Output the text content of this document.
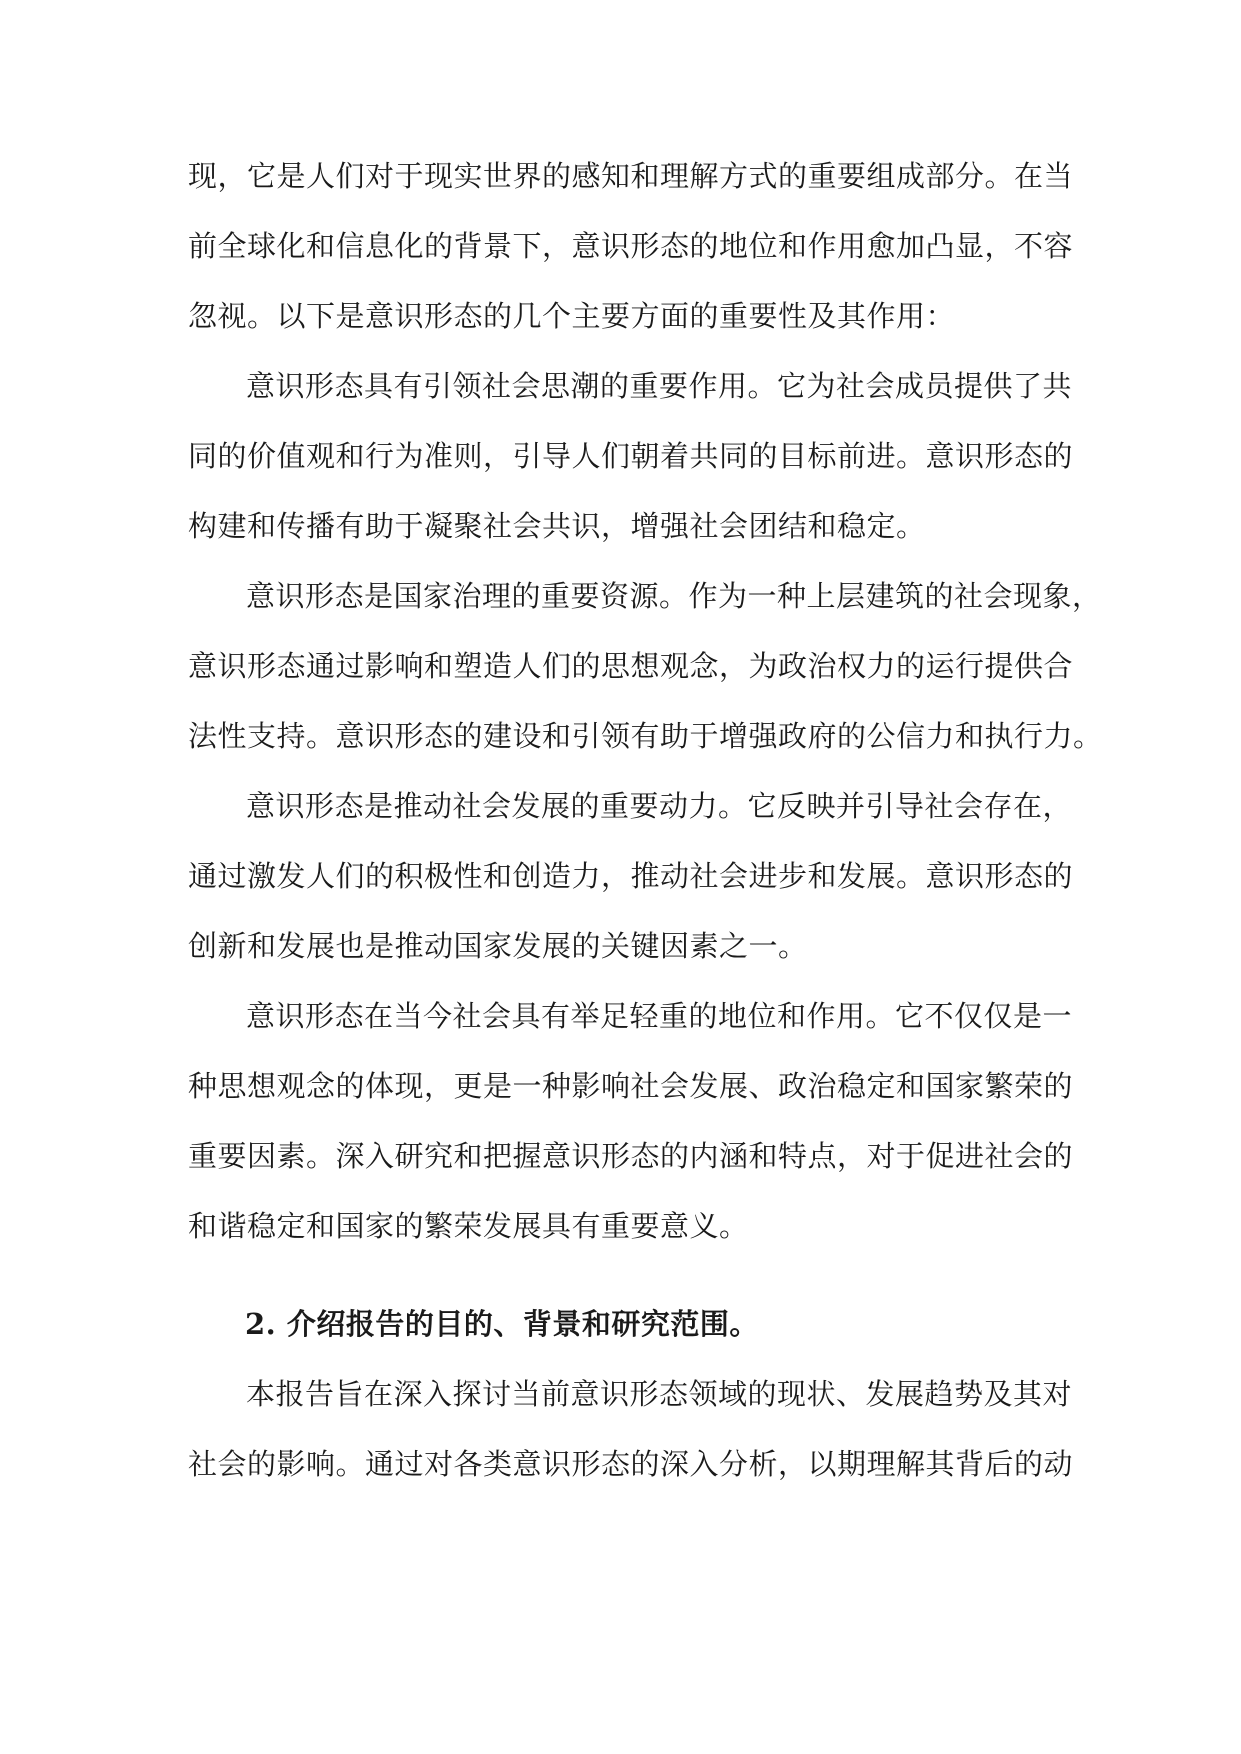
现，它是人们对于现实世界的感知和理解方式的重要组成部分。在当
前全球化和信息化的背景下，意识形态的地位和作用愈加凸显，不容
忽视。以下是意识形态的几个主要方面的重要性及其作用：

意识形态具有引领社会思潮的重要作用。它为社会成员提供了共
同的价值观和行为准则，引导人们朝着共同的目标前进。意识形态的
构建和传播有助于凝聚社会共识，增强社会团结和稳定。

意识形态是国家治理的重要资源。作为一种上层建筑的社会现象，
意识形态通过影响和塑造人们的思想观念，为政治权力的运行提供合
法性支持。意识形态的建设和引领有助于增强政府的公信力和执行力。

意识形态是推动社会发展的重要动力。它反映并引导社会存在，
通过激发人们的积极性和创造力，推动社会进步和发展。意识形态的
创新和发展也是推动国家发展的关键因素之一。

意识形态在当今社会具有举足轻重的地位和作用。它不仅仅是一
种思想观念的体现，更是一种影响社会发展、政治稳定和国家繁荣的
重要因素。深入研究和把握意识形态的内涵和特点，对于促进社会的
和谐稳定和国家的繁荣发展具有重要意义。

2. 介绍报告的目的、背景和研究范围。

本报告旨在深入探讨当前意识形态领域的现状、发展趋势及其对
社会的影响。通过对各类意识形态的深入分析，以期理解其背后的动
